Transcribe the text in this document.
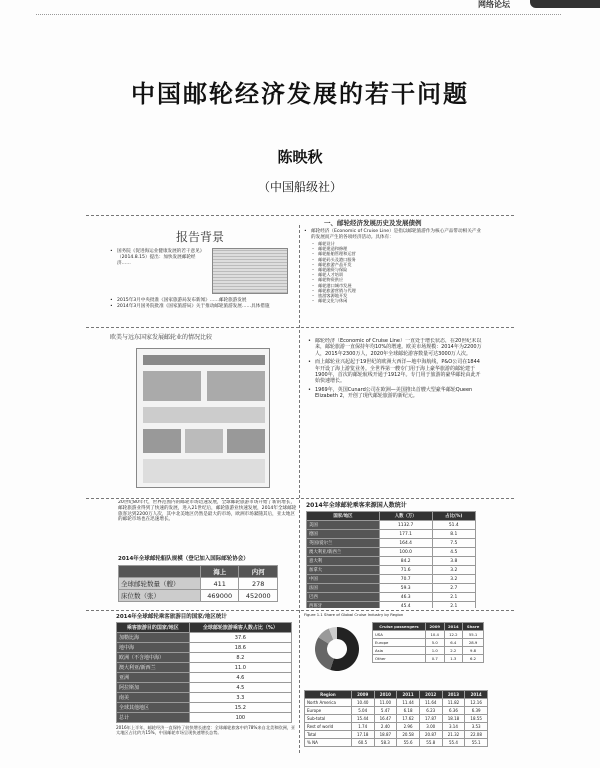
网络论坛
中国邮轮经济发展的若干问题
陈映秋
（中国船级社）
报告背景
• 国务院《促进海运业健康发展的若干意见》（2014.8.15）提出：加快发展邮轮经济……
• 2015年3月中央批准《国家旅游局发布新闻》……邮轮旅游发展
• 2014年3月国务院批准《国家旅游局》关于推动邮轮旅游发展……具体措施
一、邮轮经济发展历史及发展债例
• 邮轮经济（Economic of Cruise Line）是指以邮轮旅游作为核心产品带动相关产业的发展而产生的各项经济活动。具体有：
– 邮轮设计
– 邮轮建造和修理
– 邮轮船舶管理和运营
– 邮轮码头及港口服务
– 邮轮旅游产品开发
– 邮轮融资与保险
– 邮轮人才培训
– 邮轮物资供应
– 邮轮港口城市发展
– 邮轮旅游营销与代理
– 旅游客源地开发
– 邮轮文化与休闲
欧美与远东国家发展邮轮业的情况比较	• 邮轮经济（Economic of Cruise Line）一直处于增长状态，在20世纪末以来，邮轮旅游一直保持年均10%的增速。欧美市场规模：2014年为2200万人，2015年2300万人，2020年全球邮轮游客数量可达3000万人次。
• 而上邮轮业兴起起于19世纪的欧洲大西洋—地中海航线，P&O公司在1844年开设了海上游览业务。全世界第一艘专门用于海上豪华旅游的邮轮建于1900年，首次的邮轮航线开通于1912年。专门用于旅游的豪华邮轮由此开始快速增长。
• 1969年，英国Cunard公司在欧洲—美国推出首艘大型豪华邮轮Queen Elizabeth 2，开创了现代邮轮旅游的新纪元。
20世纪80年代，世界范围内的邮轮市场迅速发展，全球邮轮旅游市场开始了新的增长，邮轮旅游业得到了快速的发展，进入21世纪后，邮轮旅游业快速发展，2014年全球邮轮旅客达到2200万人次，其中北美地区仍然是最大的市场，欧洲市场紧随其后，亚太地区的邮轮市场也在迅速增长。
2014年全球邮轮船队规模（登记加入国际邮轮协会）
	海上	内河
全球邮轮数量（艘）	411	278
床位数（张）	469000	452000
2014年全球邮轮乘客来源国人数统计
国家/地区	人数（万）	占比(%)
美国	1132.7	51.4
德国	177.1	8.1
英国/爱尔兰	164.4	7.5
澳大利亚/新西兰	100.0	4.5
意大利	84.2	3.8
加拿大	71.6	3.2
中国	70.7	3.2
法国	59.3	2.7
巴西	46.3	2.1
西班牙	45.4	2.1

2014年全球邮轮乘客旅游目的国家/地区统计
乘客旅游目的国家/地区	全球邮轮旅游乘客人数占比（%）
加勒比海	37.6
地中海	18.6
欧洲（不含地中海）	8.2
澳大利亚/新西兰	11.0
亚洲	4.6
阿拉斯加	4.5
南美	3.3
全球其他地区	15.2
总计	100
2016年上半年，邮轮经济一直保持了较快增长速度：全球邮轮旅客中约78%来自北美和欧洲，亚太地区占比约为15%，中国邮轮市场呈现快速增长态势。
Figure 1.1 Share of Global Cruise Industry by Region
Cruise passengers	2009	2014	Share
USA	10.4	12.2	55.1
Europe	5.0	6.4	28.9
Asia	1.0	2.2	9.8
Other	0.7	1.3	6.2
Region	2009	2010	2011	2012	2013	2014
North America	10.40	11.00	11.44	11.64	11.82	12.16
Europe	5.04	5.47	6.18	6.23	6.36	6.39
Sub-total	15.44	16.47	17.62	17.87	18.18	18.55
Rest of world	1.74	2.40	2.96	3.00	3.14	3.53
Total	17.18	18.87	20.58	20.87	21.32	22.08
% NA	60.5	58.3	55.6	55.8	55.4	55.1
